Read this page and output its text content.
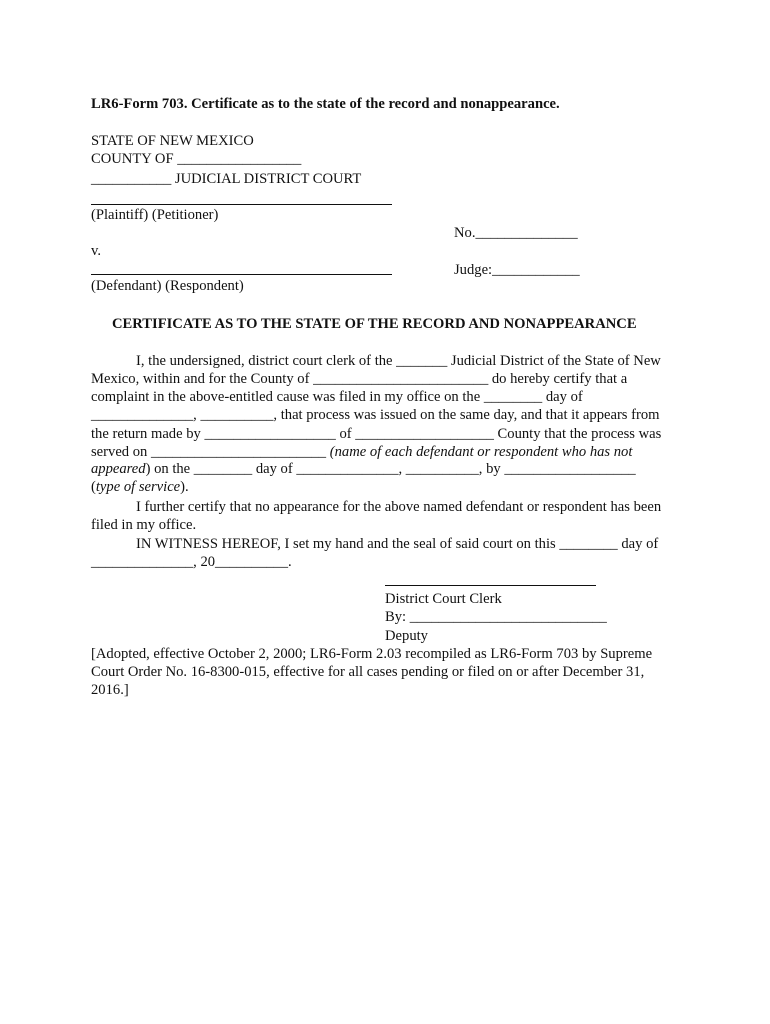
LR6-Form 703. Certificate as to the state of the record and nonappearance.
STATE OF NEW MEXICO
COUNTY OF _________________
___________ JUDICIAL DISTRICT COURT
(Plaintiff) (Petitioner)
No.______________
v.
Judge:____________
(Defendant) (Respondent)
CERTIFICATE AS TO THE STATE OF THE RECORD AND NONAPPEARANCE
I, the undersigned, district court clerk of the _______ Judicial District of the State of New
Mexico, within and for the County of ________________________ do hereby certify that a
complaint in the above-entitled cause was filed in my office on the ________ day of
______________, __________, that process was issued on the same day, and that it appears from
the return made by __________________ of ___________________ County that the process was
served on ________________________ (name of each defendant or respondent who has not
appeared) on the ________ day of ______________, __________, by __________________
(type of service).
I further certify that no appearance for the above named defendant or respondent has been
filed in my office.
IN WITNESS HEREOF, I set my hand and the seal of said court on this ________ day of
______________, 20__________.
District Court Clerk
By: ___________________________
Deputy
[Adopted, effective October 2, 2000; LR6-Form 2.03 recompiled as LR6-Form 703 by Supreme
Court Order No. 16-8300-015, effective for all cases pending or filed on or after December 31,
2016.]
